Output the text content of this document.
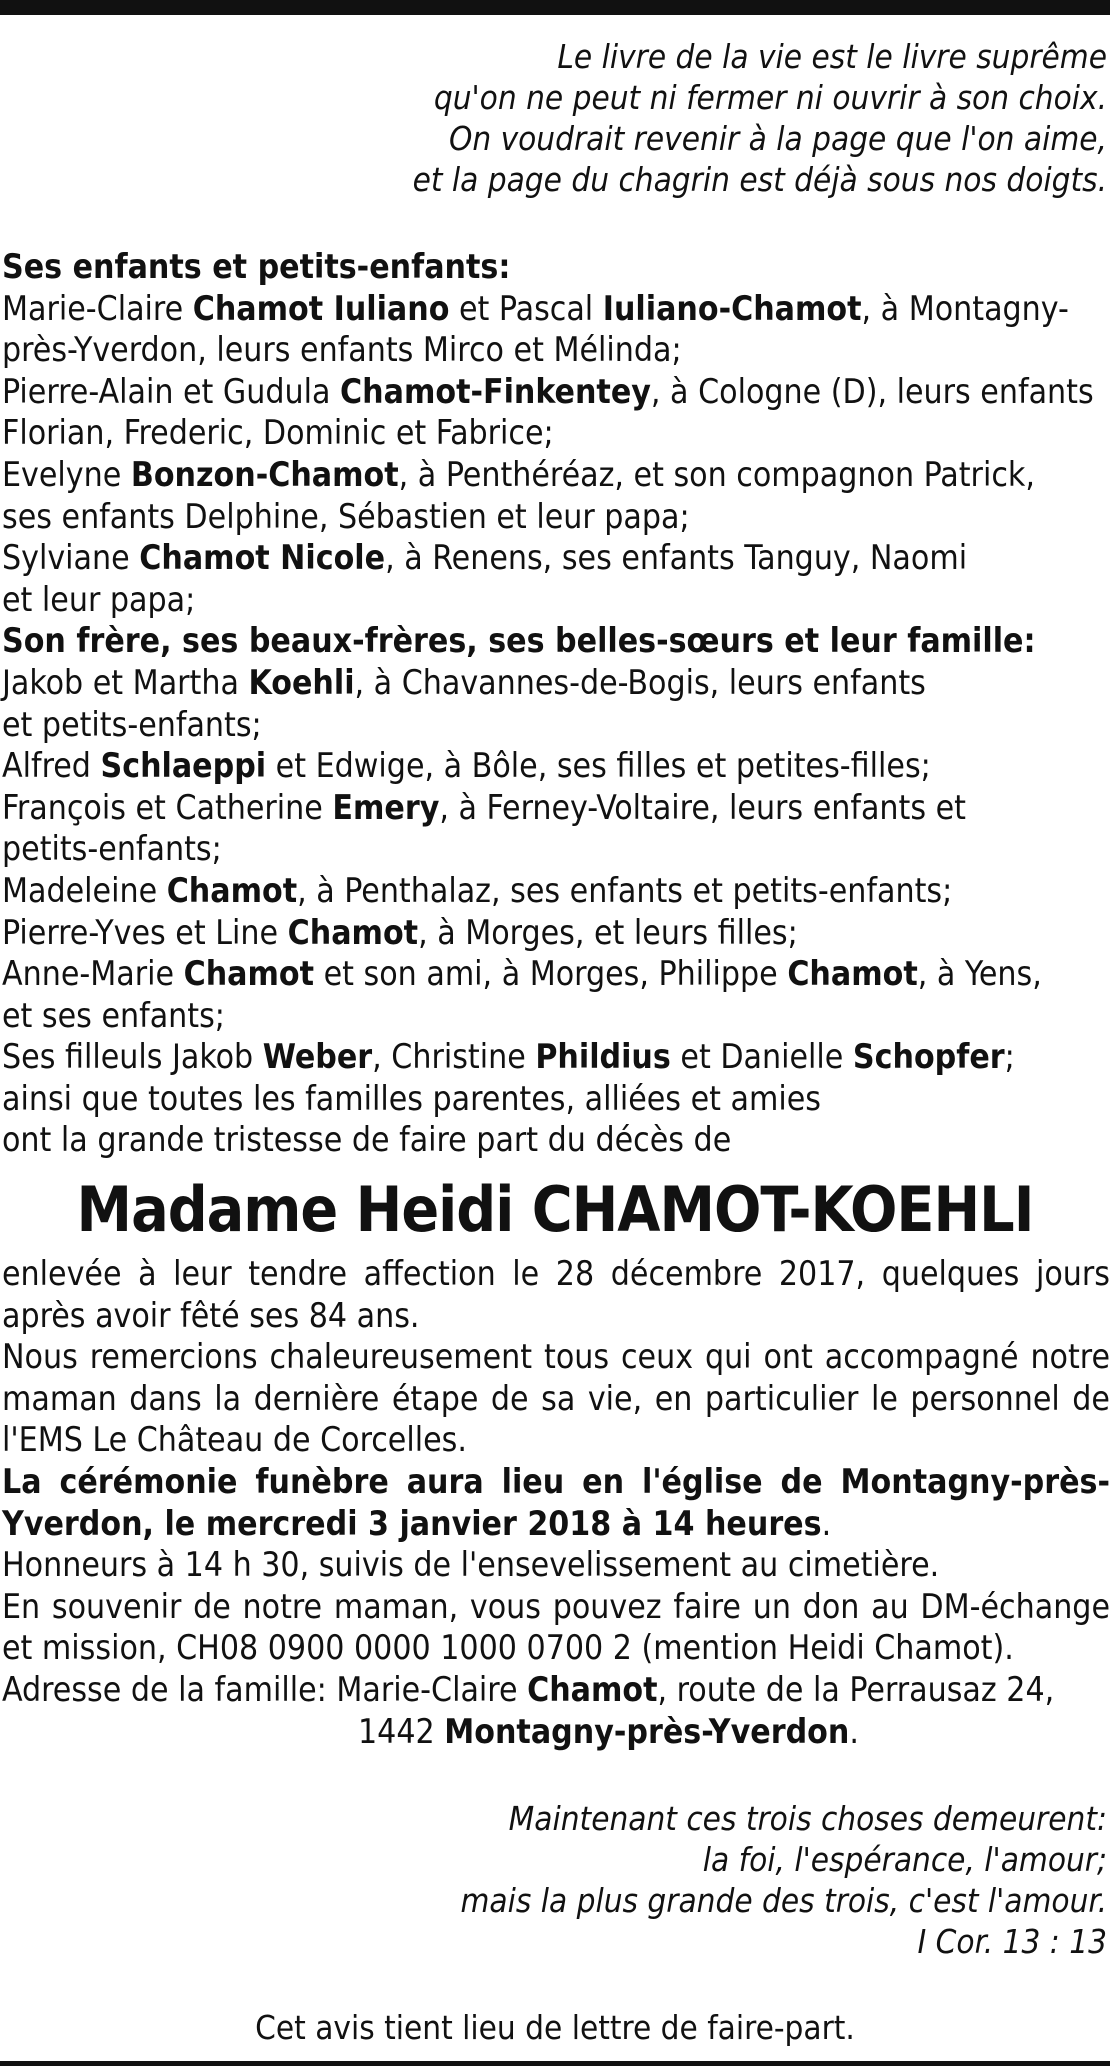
Le livre de la vie est le livre suprême
qu'on ne peut ni fermer ni ouvrir à son choix.
On voudrait revenir à la page que l'on aime,
et la page du chagrin est déjà sous nos doigts.
Ses enfants et petits-enfants:
Marie-Claire Chamot Iuliano et Pascal Iuliano-Chamot, à Montagny-
près-Yverdon, leurs enfants Mirco et Mélinda;
Pierre-Alain et Gudula Chamot-Finkentey, à Cologne (D), leurs enfants
Florian, Frederic, Dominic et Fabrice;
Evelyne Bonzon-Chamot, à Penthéréaz, et son compagnon Patrick,
ses enfants Delphine, Sébastien et leur papa;
Sylviane Chamot Nicole, à Renens, ses enfants Tanguy, Naomi
et leur papa;
Son frère, ses beaux-frères, ses belles-sœurs et leur famille:
Jakob et Martha Koehli, à Chavannes-de-Bogis, leurs enfants
et petits-enfants;
Alfred Schlaeppi et Edwige, à Bôle, ses filles et petites-filles;
François et Catherine Emery, à Ferney-Voltaire, leurs enfants et
petits-enfants;
Madeleine Chamot, à Penthalaz, ses enfants et petits-enfants;
Pierre-Yves et Line Chamot, à Morges, et leurs filles;
Anne-Marie Chamot et son ami, à Morges, Philippe Chamot, à Yens,
et ses enfants;
Ses filleuls Jakob Weber, Christine Phildius et Danielle Schopfer;
ainsi que toutes les familles parentes, alliées et amies
ont la grande tristesse de faire part du décès de
Madame Heidi CHAMOT-KOEHLI
enlevée à leur tendre affection le 28 décembre 2017, quelques jours après avoir fêté ses 84 ans.
Nous remercions chaleureusement tous ceux qui ont accompagné notre maman dans la dernière étape de sa vie, en particulier le personnel de l'EMS Le Château de Corcelles.
La cérémonie funèbre aura lieu en l'église de Montagny-près-Yverdon, le mercredi 3 janvier 2018 à 14 heures.
Honneurs à 14 h 30, suivis de l'ensevelissement au cimetière.
En souvenir de notre maman, vous pouvez faire un don au DM-échange et mission, CH08 0900 0000 1000 0700 2 (mention Heidi Chamot).
Adresse de la famille: Marie-Claire Chamot, route de la Perrausaz 24,
1442 Montagny-près-Yverdon.
Maintenant ces trois choses demeurent:
la foi, l'espérance, l'amour;
mais la plus grande des trois, c'est l'amour.
I Cor. 13 : 13
Cet avis tient lieu de lettre de faire-part.
